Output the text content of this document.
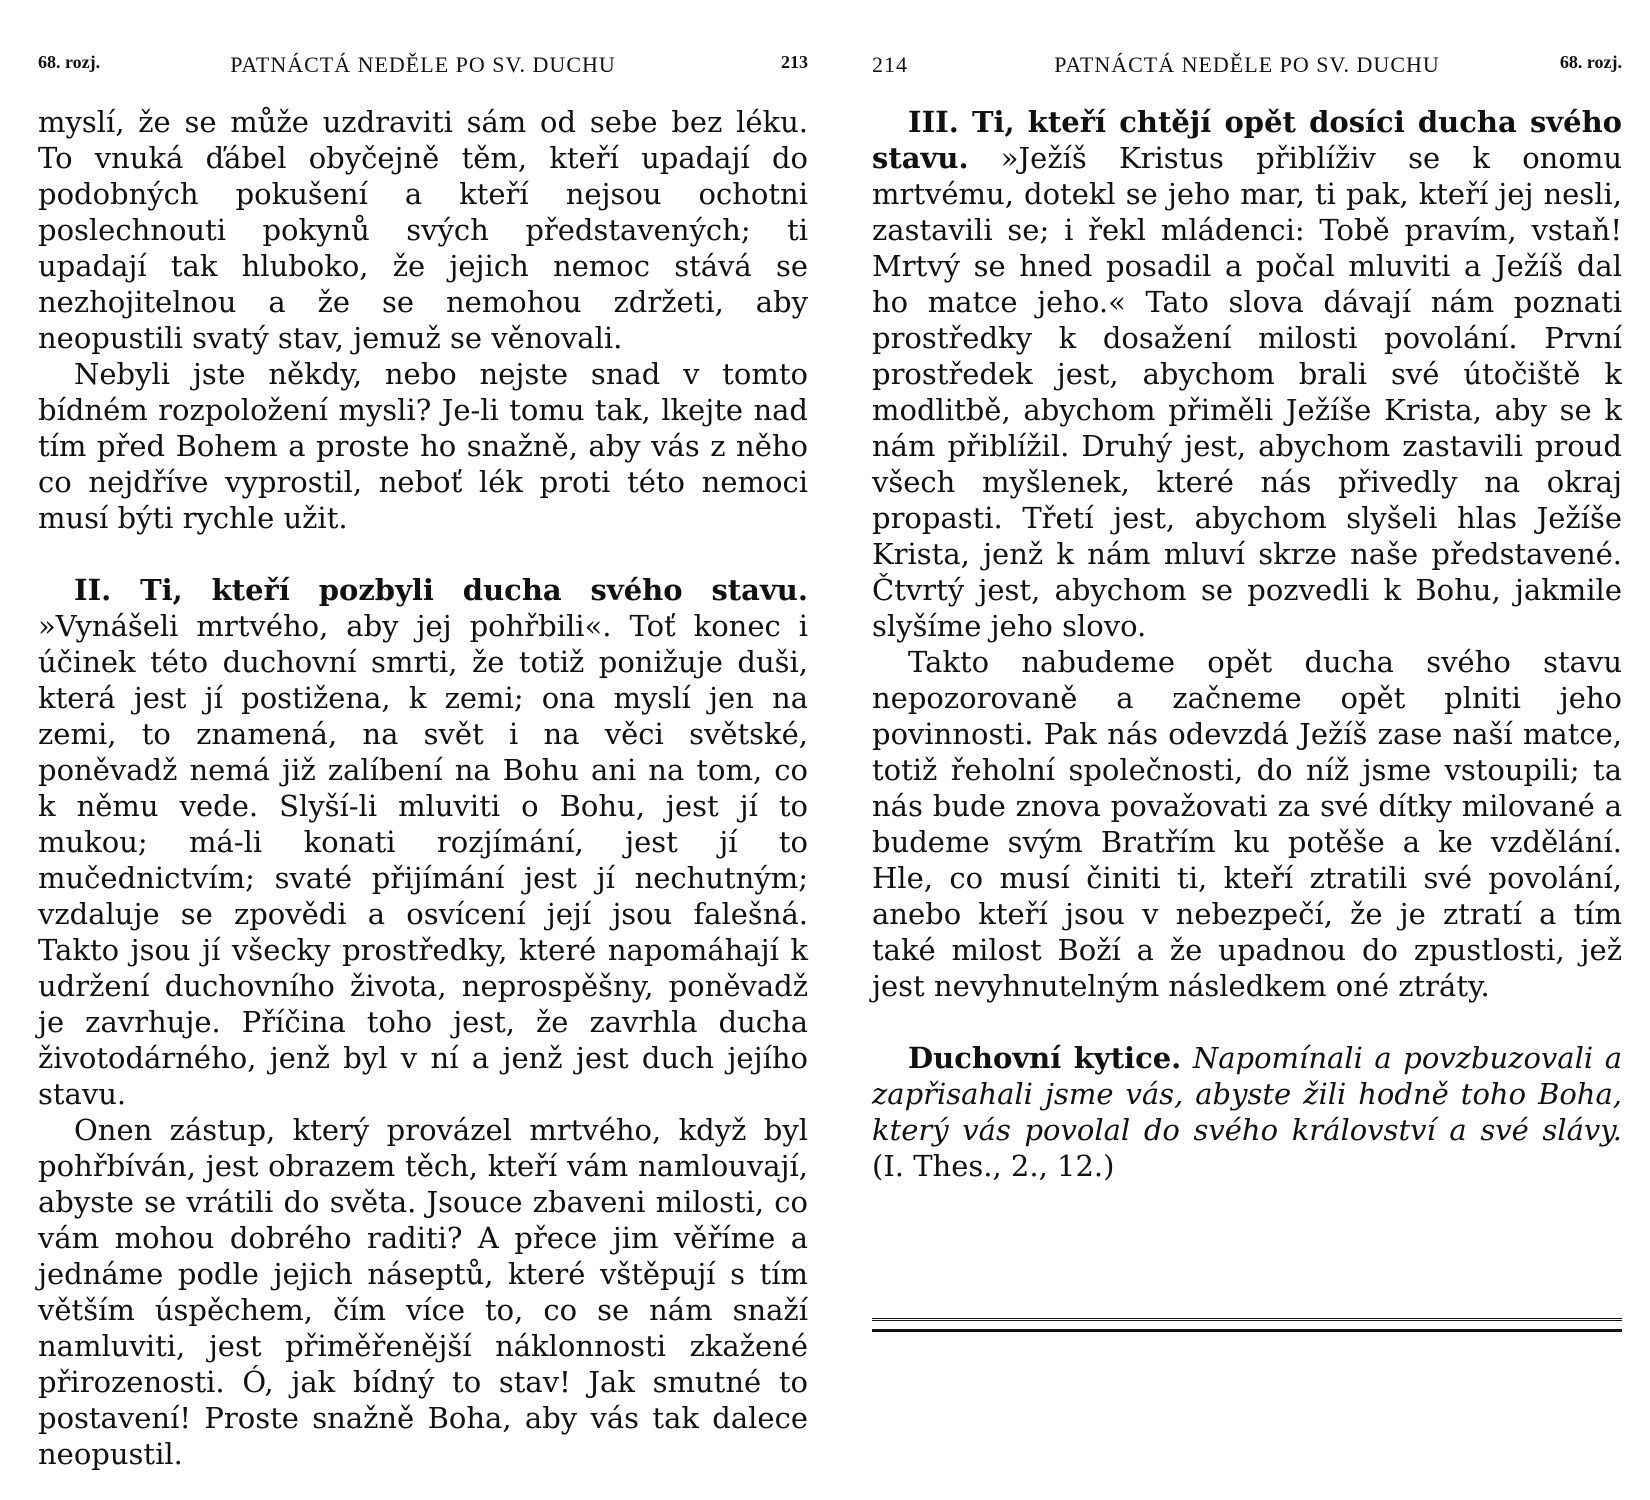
68. rozj.	PATNÁCTÁ NEDĚLE PO SV. DUCHU	213

myslí, že se může uzdraviti sám od sebe bez léku. To vnuká ďábel obyčejně těm, kteří upadají do podobných pokušení a kteří nejsou ochotni poslechnouti pokynů svých představených; ti upadají tak hluboko, že jejich nemoc stává se nezhojitelnou a že se nemohou zdržeti, aby neopustili svatý stav, jemuž se věnovali.

Nebyli jste někdy, nebo nejste snad v tomto bídném rozpoložení mysli? Je-li tomu tak, lkejte nad tím před Bohem a proste ho snažně, aby vás z něho co nejdříve vyprostil, neboť lék proti této nemoci musí býti rychle užit.

II. Ti, kteří pozbyli ducha svého stavu. »Vynášeli mrtvého, aby jej pohřbili«. Toť konec i účinek této duchovní smrti, že totiž ponižuje duši, která jest jí postižena, k zemi; ona myslí jen na zemi, to znamená, na svět i na věci světské, poněvadž nemá již zalíbení na Bohu ani na tom, co k němu vede. Slyší-li mluviti o Bohu, jest jí to mukou; má-li konati rozjímání, jest jí to mučednictvím; svaté přijímání jest jí nechutným; vzdaluje se zpovědi a osvícení její jsou falešná. Takto jsou jí všecky prostředky, které napomáhají k udržení duchovního života, neprospěšny, poněvadž je zavrhuje. Příčina toho jest, že zavrhla ducha životodárného, jenž byl v ní a jenž jest duch jejího stavu.

Onen zástup, který provázel mrtvého, když byl pohřbíván, jest obrazem těch, kteří vám namlouvají, abyste se vrátili do světa. Jsouce zbaveni milosti, co vám mohou dobrého raditi? A přece jim věříme a jednáme podle jejich náseptů, které vštěpují s tím větším úspěchem, čím více to, co se nám snaží namluviti, jest přiměřenější náklonnosti zkažené přirozenosti. Ó, jak bídný to stav! Jak smutné to postavení! Proste snažně Boha, aby vás tak dalece neopustil.

214	PATNÁCTÁ NEDĚLE PO SV. DUCHU	68. rozj.

III. Ti, kteří chtějí opět dosíci ducha svého stavu. »Ježíš Kristus přiblíživ se k onomu mrtvému, dotekl se jeho mar, ti pak, kteří jej nesli, zastavili se; i řekl mládenci: Tobě pravím, vstaň! Mrtvý se hned posadil a počal mluviti a Ježíš dal ho matce jeho.« Tato slova dávají nám poznati prostředky k dosažení milosti povolání. První prostředek jest, abychom brali své útočiště k modlitbě, abychom přiměli Ježíše Krista, aby se k nám přiblížil. Druhý jest, abychom zastavili proud všech myšlenek, které nás přivedly na okraj propasti. Třetí jest, abychom slyšeli hlas Ježíše Krista, jenž k nám mluví skrze naše představené. Čtvrtý jest, abychom se pozvedli k Bohu, jakmile slyšíme jeho slovo.

Takto nabudeme opět ducha svého stavu nepozorovaně a začneme opět plniti jeho povinnosti. Pak nás odevzdá Ježíš zase naší matce, totiž řeholní společnosti, do níž jsme vstoupili; ta nás bude znova považovati za své dítky milované a budeme svým Bratřím ku potěše a ke vzdělání. Hle, co musí činiti ti, kteří ztratili své povolání, anebo kteří jsou v nebezpečí, že je ztratí a tím také milost Boží a že upadnou do zpustlosti, jež jest nevyhnutelným následkem oné ztráty.

Duchovní kytice. Napomínali a povzbuzovali a zapřisahali jsme vás, abyste žili hodně toho Boha, který vás povolal do svého království a své slávy. (I. Thes., 2., 12.)
